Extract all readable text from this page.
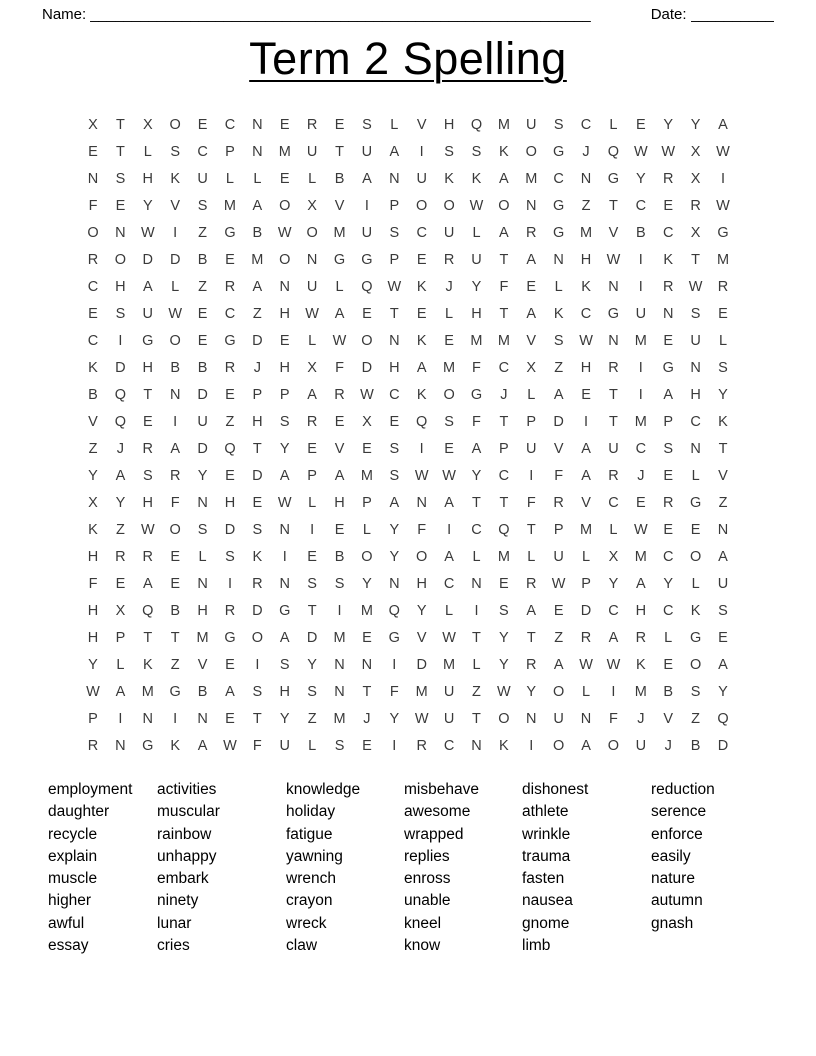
Name: ____________________________________________________________	Date: __________
Term 2 Spelling
X	T	X	O	E	C	N	E	R	E	S	L	V	H	Q	M	U	S	C	L	E	Y	Y	A
E	T	L	S	C	P	N	M	U	T	U	A	I	S	S	K	O	G	J	Q	W W	X	W
N	S	H	K	U	L	L	E	L	B	A	N	U	K	K	A	M	C	N	G	Y	R	X	I
F	E	Y	V	S	M	A	O	X	V	I	P	O	O	W	O	N	G	Z	T	C	E	R	W
O	N	W	I	Z	G	B	W	O	M	U	S	C	U	L	A	R	G	M	V	B	C	X	G
R	O	D	D	B	E	M	O	N	G	G	P	E	R	U	T	A	N	H	W	I	K	T	M
C	H	A	L	Z	R	A	N	U	L	Q	W	K	J	Y	F	E	L	K	N	I	R	W	R
E	S	U	W	E	C	Z	H	W	A	E	T	E	L	H	T	A	K	C	G	U	N	S	E
C	I	G	O	E	G	D	E	L	W	O	N	K	E	M	M	V	S	W	N	M	E	U	L
K	D	H	B	B	R	J	H	X	F	D	H	A	M	F	C	X	Z	H	R	I	G	N	S
B	Q	T	N	D	E	P	P	A	R	W	C	K	O	G	J	L	A	E	T	I	A	H	Y
V	Q	E	I	U	Z	H	S	R	E	X	E	Q	S	F	T	P	D	I	T	M	P	C	K
Z	J	R	A	D	Q	T	Y	E	V	E	S	I	E	A	P	U	V	A	U	C	S	N	T
Y	A	S	R	Y	E	D	A	P	A	M	S	W W	Y	C	I	F	A	R	J	E	L	V
X	Y	H	F	N	H	E	W	L	H	P	A	N	A	T	T	F	R	V	C	E	R	G	Z
K	Z	W	O	S	D	S	N	I	E	L	Y	F	I	C	Q	T	P	M	L	W	E	E	N
H	R	R	E	L	S	K	I	E	B	O	Y	O	A	L	M	L	U	L	X	M	C	O	A
F	E	A	E	N	I	R	N	S	S	Y	N	H	C	N	E	R	W	P	Y	A	Y	L	U
H	X	Q	B	H	R	D	G	T	I	M	Q	Y	L	I	S	A	E	D	C	H	C	K	S
H	P	T	T	M	G	O	A	D	M	E	G	V	W	T	Y	T	Z	R	A	R	L	G	E
Y	L	K	Z	V	E	I	S	Y	N	N	I	D	M	L	Y	R	A	W W	K	E	O	A
W	A	M	G	B	A	S	H	S	N	T	F	M	U	Z	W	Y	O	L	I	M	B	S	Y
P	I	N	I	N	E	T	Y	Z	M	J	Y	W	U	T	O	N	U	N	F	J	V	Z	Q
R	N	G	K	A	W	F	U	L	S	E	I	R	C	N	K	I	O	A	O	U	J	B	D
employment
daughter
recycle
explain
muscle
higher
awful
essay
activities
muscular
rainbow
unhappy
embark
ninety
lunar
cries
knowledge
holiday
fatigue
yawning
wrench
crayon
wreck
claw
misbehave
awesome
wrapped
replies
enross
unable
kneel
know
dishonest
athlete
wrinkle
trauma
fasten
nausea
gnome
limb
reduction
serence
enforce
easily
nature
autumn
gnash
